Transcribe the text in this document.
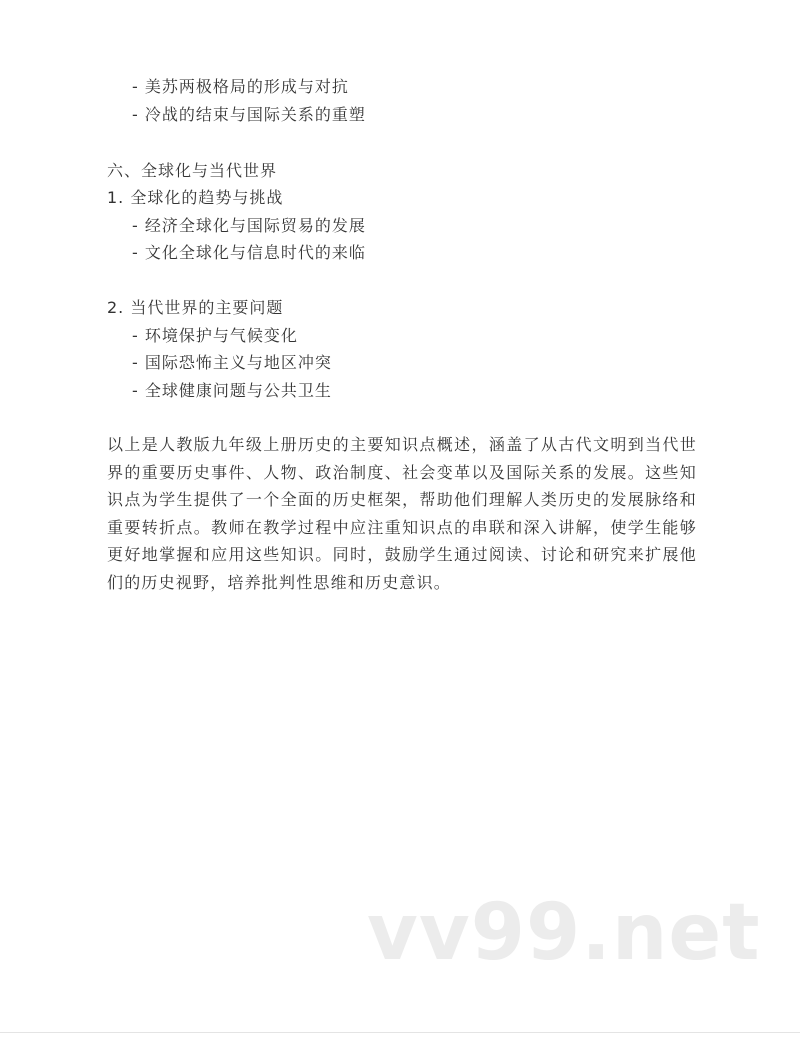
- 美苏两极格局的形成与对抗
- 冷战的结束与国际关系的重塑
六、全球化与当代世界
1. 全球化的趋势与挑战
- 经济全球化与国际贸易的发展
- 文化全球化与信息时代的来临
2. 当代世界的主要问题
- 环境保护与气候变化
- 国际恐怖主义与地区冲突
- 全球健康问题与公共卫生
以上是人教版九年级上册历史的主要知识点概述，涵盖了从古代文明到当代世界的重要历史事件、人物、政治制度、社会变革以及国际关系的发展。这些知识点为学生提供了一个全面的历史框架，帮助他们理解人类历史的发展脉络和重要转折点。教师在教学过程中应注重知识点的串联和深入讲解，使学生能够更好地掌握和应用这些知识。同时，鼓励学生通过阅读、讨论和研究来扩展他们的历史视野，培养批判性思维和历史意识。
vv99.net
